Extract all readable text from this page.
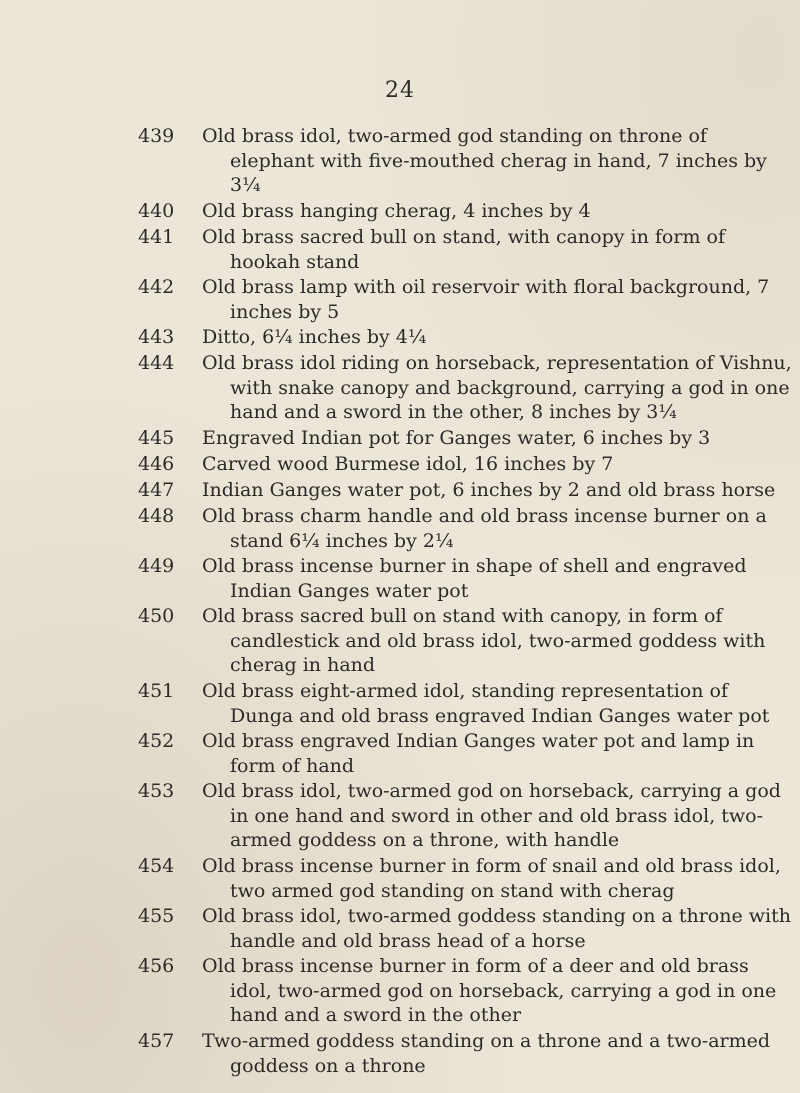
24
439 Old brass idol, two-armed god standing on throne of elephant with five-mouthed cherag in hand, 7 inches by 3¼
440 Old brass hanging cherag, 4 inches by 4
441 Old brass sacred bull on stand, with canopy in form of hookah stand
442 Old brass lamp with oil reservoir with floral background, 7 inches by 5
443 Ditto, 6¼ inches by 4¼
444 Old brass idol riding on horseback, representation of Vishnu, with snake canopy and background, carrying a god in one hand and a sword in the other, 8 inches by 3¼
445 Engraved Indian pot for Ganges water, 6 inches by 3
446 Carved wood Burmese idol, 16 inches by 7
447 Indian Ganges water pot, 6 inches by 2 and old brass horse
448 Old brass charm handle and old brass incense burner on a stand 6¼ inches by 2¼
449 Old brass incense burner in shape of shell and engraved Indian Ganges water pot
450 Old brass sacred bull on stand with canopy, in form of candlestick and old brass idol, two-armed goddess with cherag in hand
451 Old brass eight-armed idol, standing representation of Dunga and old brass engraved Indian Ganges water pot
452 Old brass engraved Indian Ganges water pot and lamp in form of hand
453 Old brass idol, two-armed god on horseback, carrying a god in one hand and sword in other and old brass idol, two-armed goddess on a throne, with handle
454 Old brass incense burner in form of snail and old brass idol, two armed god standing on stand with cherag
455 Old brass idol, two-armed goddess standing on a throne with handle and old brass head of a horse
456 Old brass incense burner in form of a deer and old brass idol, two-armed god on horseback, carrying a god in one hand and a sword in the other
457 Two-armed goddess standing on a throne and a two-armed goddess on a throne
